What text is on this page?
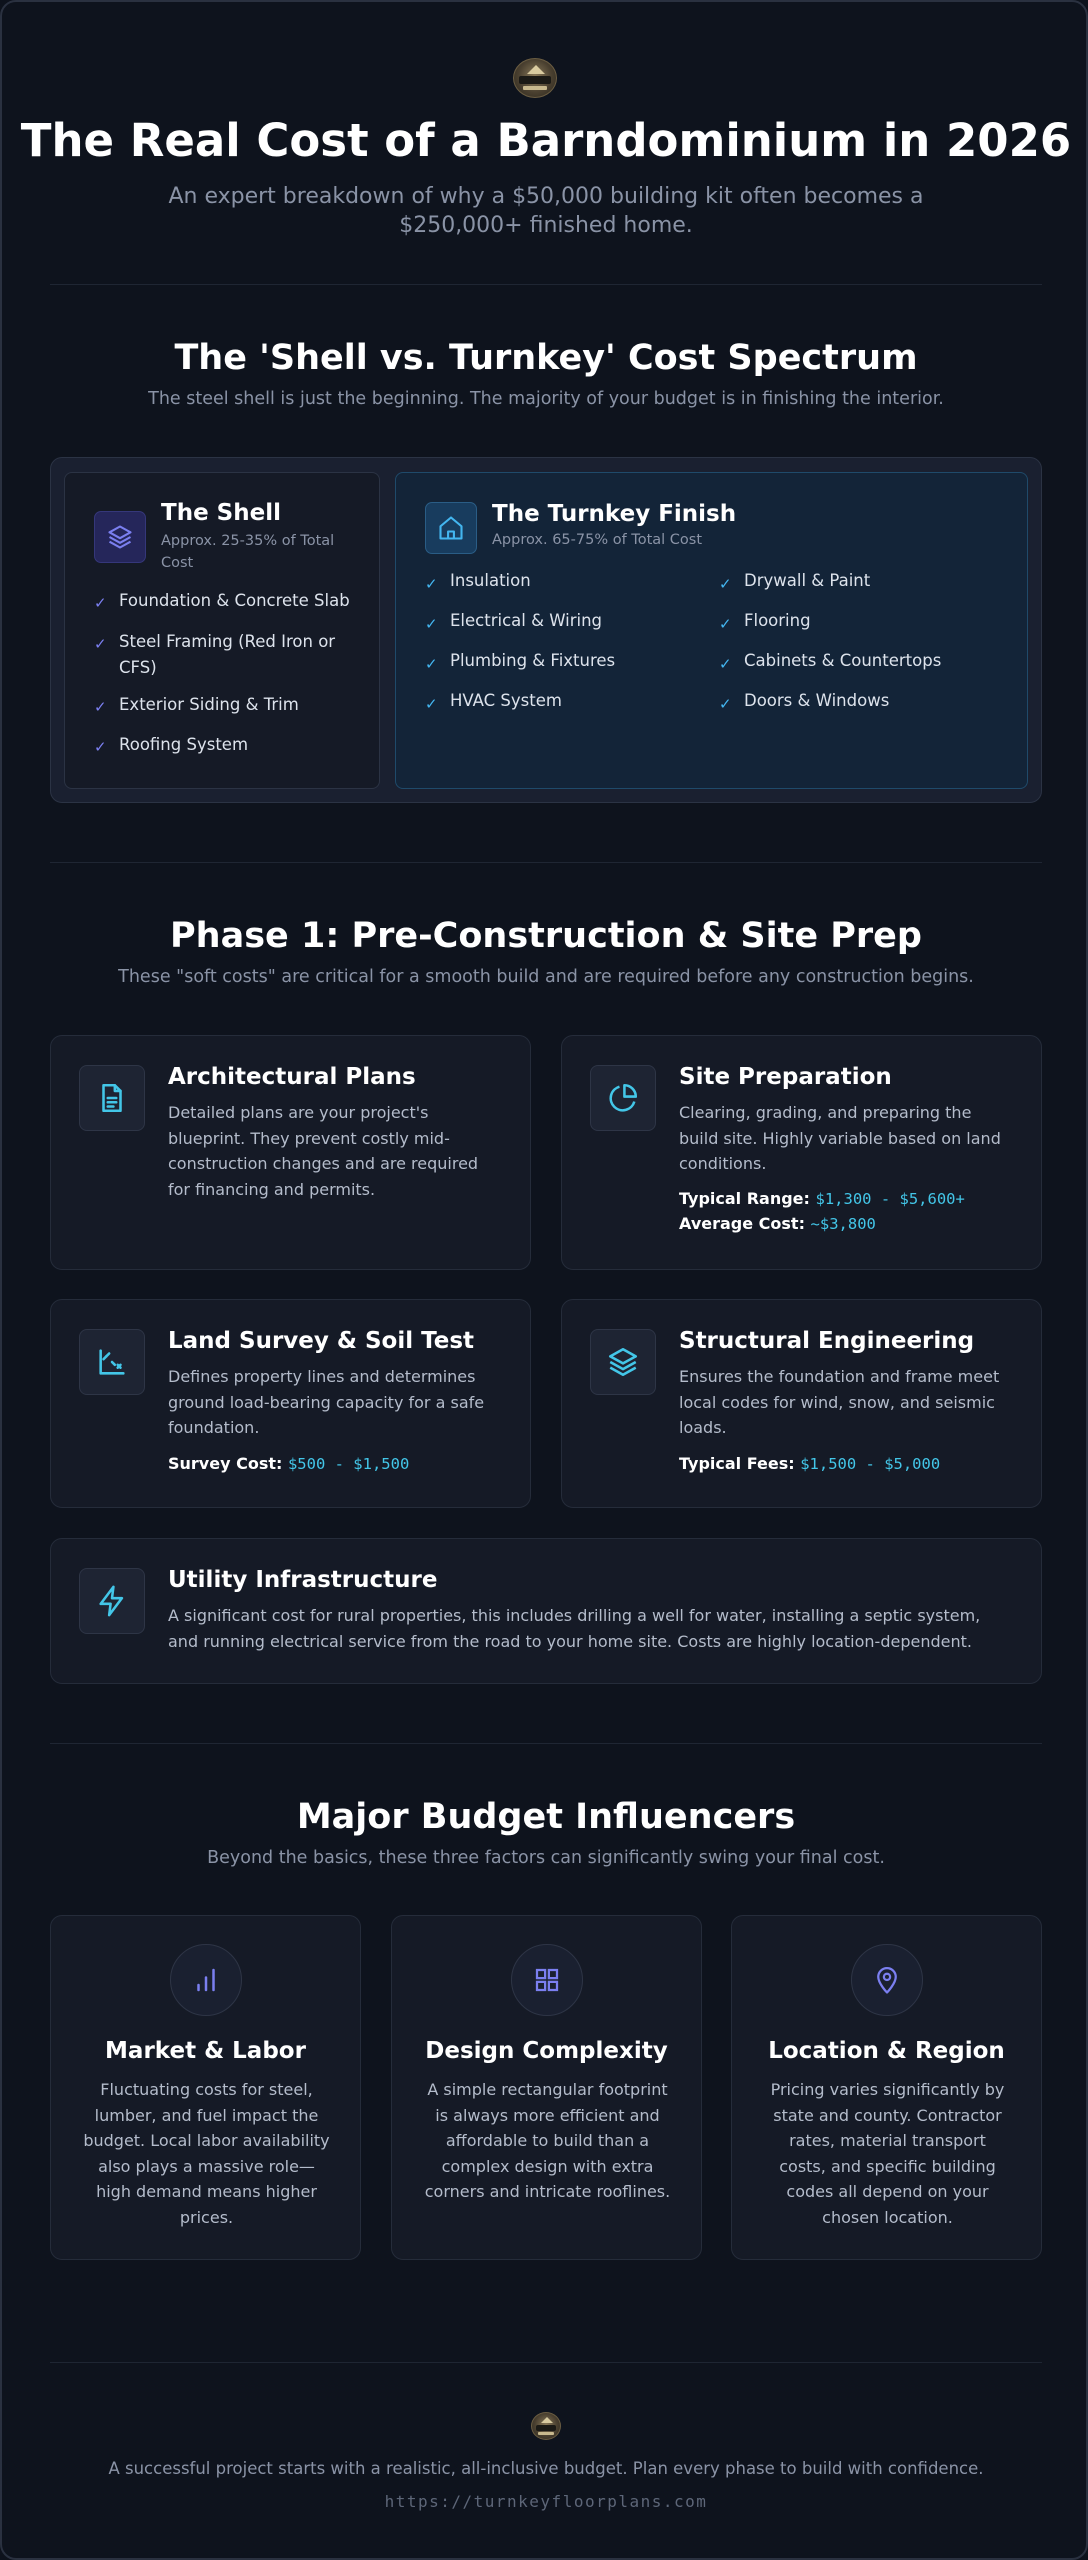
The Real Cost of a Barndominium in 2026
An expert breakdown of why a $50,000 building kit often becomes a
$250,000+ finished home.
The 'Shell vs. Turnkey' Cost Spectrum
The steel shell is just the beginning. The majority of your budget is in finishing the interior.
The Shell
Approx. 25-35% of Total
Cost
✓ Foundation & Concrete Slab
✓ Steel Framing (Red Iron or
CFS)
✓ Exterior Siding & Trim
✓ Roofing System
The Turnkey Finish
Approx. 65-75% of Total Cost
✓ Insulation
✓ Electrical & Wiring
✓ Plumbing & Fixtures
✓ HVAC System
✓ Drywall & Paint
✓ Flooring
✓ Cabinets & Countertops
✓ Doors & Windows
Phase 1: Pre-Construction & Site Prep
These "soft costs" are critical for a smooth build and are required before any construction begins.
Architectural Plans
Detailed plans are your project's
blueprint. They prevent costly mid-
construction changes and are required
for financing and permits.
Site Preparation
Clearing, grading, and preparing the
build site. Highly variable based on land
conditions.
Typical Range: $1,300 - $5,600+
Average Cost: ~$3,800
Land Survey & Soil Test
Defines property lines and determines
ground load-bearing capacity for a safe
foundation.
Survey Cost: $500 - $1,500
Structural Engineering
Ensures the foundation and frame meet
local codes for wind, snow, and seismic
loads.
Typical Fees: $1,500 - $5,000
Utility Infrastructure
A significant cost for rural properties, this includes drilling a well for water, installing a septic system,
and running electrical service from the road to your home site. Costs are highly location-dependent.
Major Budget Influencers
Beyond the basics, these three factors can significantly swing your final cost.
Market & Labor
Fluctuating costs for steel,
lumber, and fuel impact the
budget. Local labor availability
also plays a massive role—
high demand means higher
prices.
Design Complexity
A simple rectangular footprint
is always more efficient and
affordable to build than a
complex design with extra
corners and intricate rooflines.
Location & Region
Pricing varies significantly by
state and county. Contractor
rates, material transport
costs, and specific building
codes all depend on your
chosen location.
A successful project starts with a realistic, all-inclusive budget. Plan every phase to build with confidence.
https://turnkeyfloorplans.com
